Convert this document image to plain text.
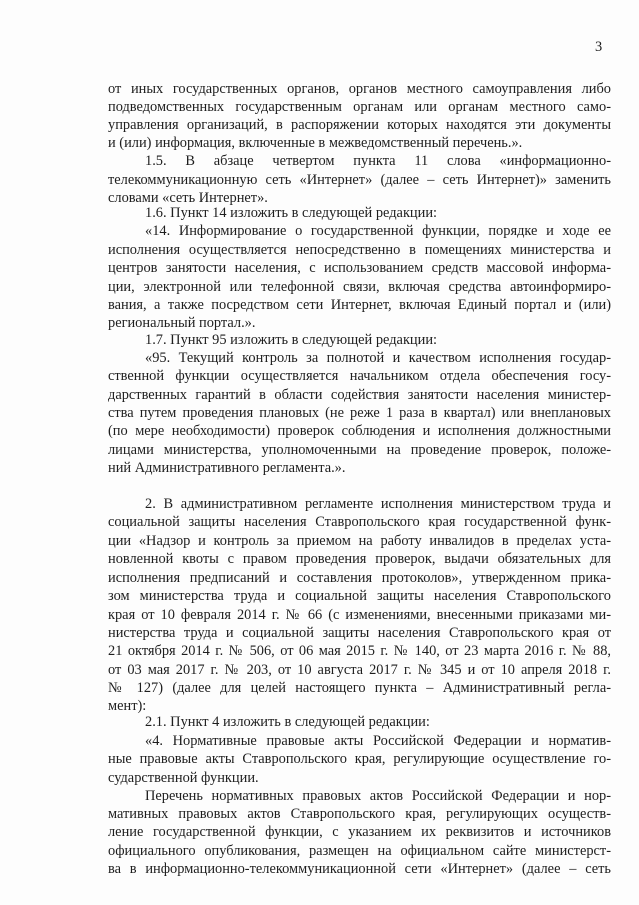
3
от иных государственных органов, органов местного самоуправления либо
подведомственных государственным органам или органам местного само-
управления организаций, в распоряжении которых находятся эти документы
и (или) информация, включенные в межведомственный перечень.».
1.5. В абзаце четвертом пункта 11 слова «информационно-
телекоммуникационную сеть «Интернет» (далее – сеть Интернет)» заменить
словами «сеть Интернет».
1.6. Пункт 14 изложить в следующей редакции:
«14. Информирование о государственной функции, порядке и ходе ее
исполнения осуществляется непосредственно в помещениях министерства и
центров занятости населения, с использованием средств массовой информа-
ции, электронной или телефонной связи, включая средства автоинформиро-
вания, а также посредством сети Интернет, включая Единый портал и (или)
региональный портал.».
1.7. Пункт 95 изложить в следующей редакции:
«95. Текущий контроль за полнотой и качеством исполнения государ-
ственной функции осуществляется начальником отдела обеспечения госу-
дарственных гарантий в области содействия занятости населения министер-
ства путем проведения плановых (не реже 1 раза в квартал) или внеплановых
(по мере необходимости) проверок соблюдения и исполнения должностными
лицами министерства, уполномоченными на проведение проверок, положе-
ний Административного регламента.».
2. В административном регламенте исполнения министерством труда и
социальной защиты населения Ставропольского края государственной функ-
ции «Надзор и контроль за приемом на работу инвалидов в пределах уста-
новленной квоты с правом проведения проверок, выдачи обязательных для
исполнения предписаний и составления протоколов», утвержденном прика-
зом министерства труда и социальной защиты населения Ставропольского
края от 10 февраля 2014 г. № 66 (с изменениями, внесенными приказами ми-
нистерства труда и социальной защиты населения Ставропольского края от
21 октября 2014 г. № 506, от 06 мая 2015 г. № 140, от 23 марта 2016 г. № 88,
от 03 мая 2017 г. № 203, от 10 августа 2017 г. № 345 и от 10 апреля 2018 г.
№ 127) (далее для целей настоящего пункта – Административный регла-
мент):
2.1. Пункт 4 изложить в следующей редакции:
«4. Нормативные правовые акты Российской Федерации и норматив-
ные правовые акты Ставропольского края, регулирующие осуществление го-
сударственной функции.
Перечень нормативных правовых актов Российской Федерации и нор-
мативных правовых актов Ставропольского края, регулирующих осуществ-
ление государственной функции, с указанием их реквизитов и источников
официального опубликования, размещен на официальном сайте министерст-
ва в информационно-телекоммуникационной сети «Интернет» (далее – сеть
